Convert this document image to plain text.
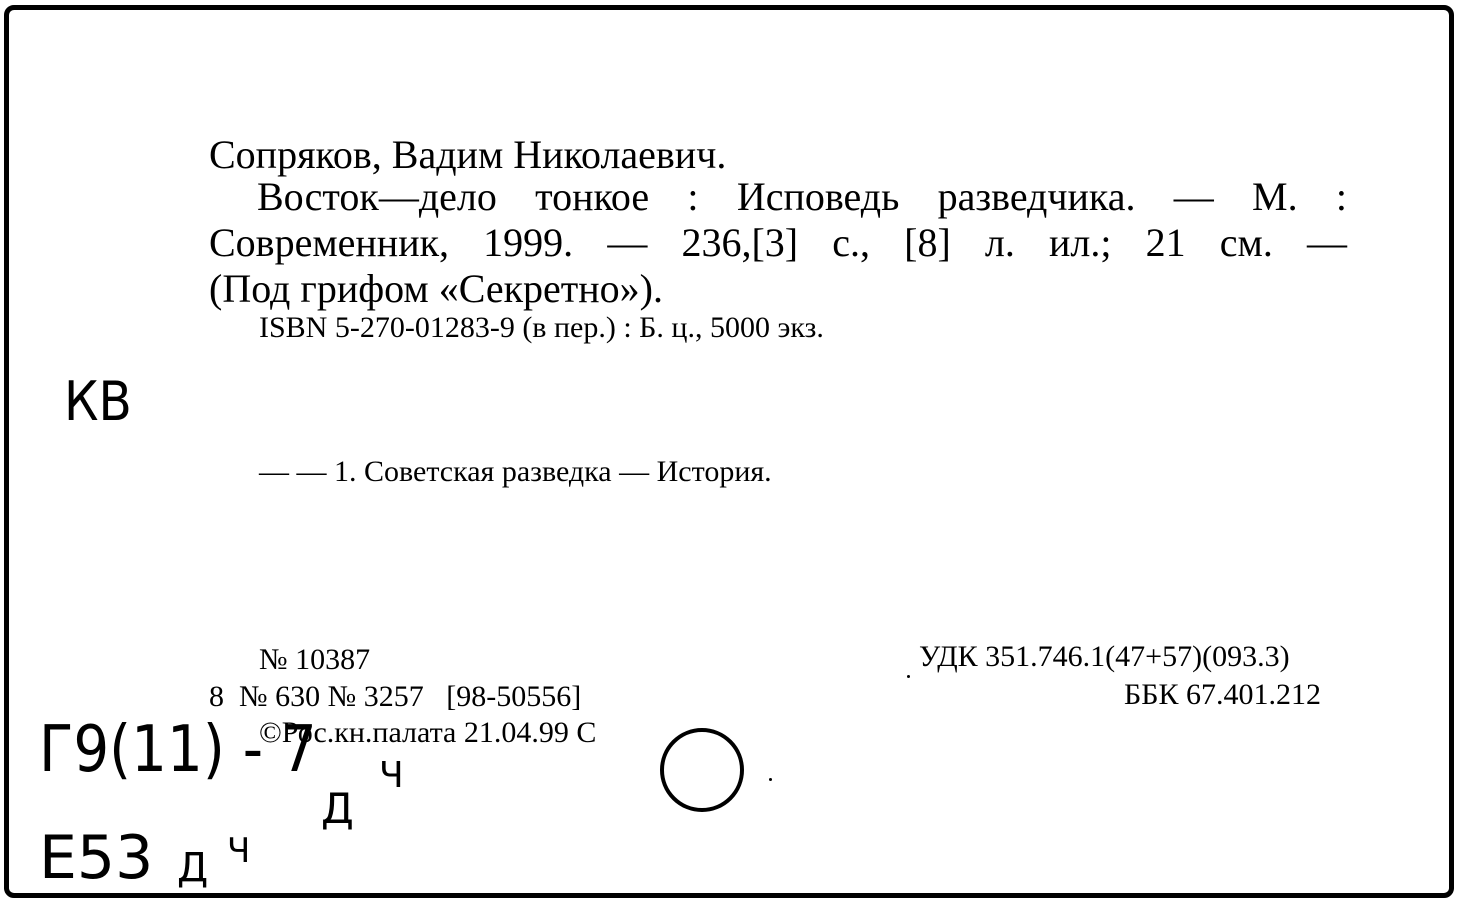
Сопряков, Вадим Николаевич.
Восток—дело тонкое : Исповедь разведчика. — М. :
Современник, 1999. — 236,[3] с., [8] л. ил.; 21 см. —
(Под грифом «Секретно»).
ISBN 5-270-01283-9 (в пер.) : Б. ц., 5000 экз.
— — 1. Советская разведка — История.
№ 10387
8  № 630 № 3257   [98-50556]
©Рос.кн.палата 21.04.99 С
УДК 351.746.1(47+57)(093.3)
ББК 67.401.212
КВ
Г9(11) - 7
Д
Ч
Е53 Д Ч
